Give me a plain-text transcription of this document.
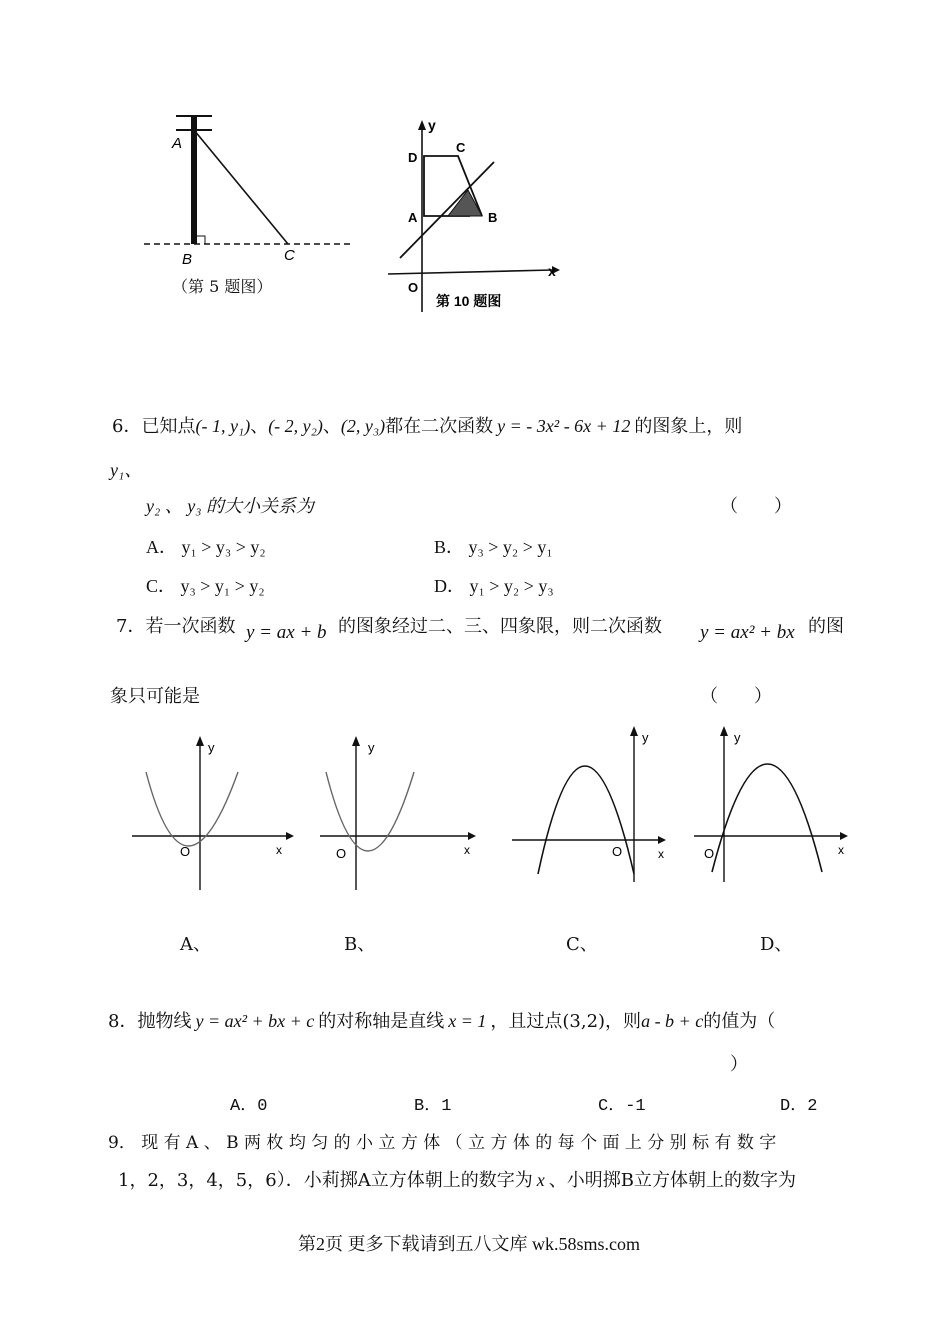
A
B	C
（第 5 题图）
y
x
O
D
C
A	B
第 10 题图
6．已知点(- 1, y₁)、(- 2, y₂)、(2, y₃)都在二次函数 y = - 3x² - 6x + 12 的图象上，则
y₁、
y₂ 、 y₃ 的大小关系为	（　　）
A． y₁ > y₃ > y₂	B． y₃ > y₂ > y₁
C． y₃ > y₁ > y₂	D． y₁ > y₂ > y₃
7．若一次函数 y = ax + b 的图象经过二、三、四象限，则二次函数 y = ax² + bx 的图
象只可能是	（　　）
y
x
O
y
x
O
y
x
O
y
x
O
A、	B、	C、	D、
8．抛物线 y = ax² + bx + c 的对称轴是直线 x = 1 ，且过点(3,2)，则a - b + c的值为（
）
A．0	B．1	C．-1	D．2
9． 现 有 A 、 B 两 枚 均 匀 的 小 立 方 体 （ 立 方 体 的 每 个 面 上 分 别 标 有 数 字
1，2，3，4，5，6）．小莉掷A立方体朝上的数字为 x 、小明掷B立方体朝上的数字为
第2页 更多下载请到五八文库 wk.58sms.com
